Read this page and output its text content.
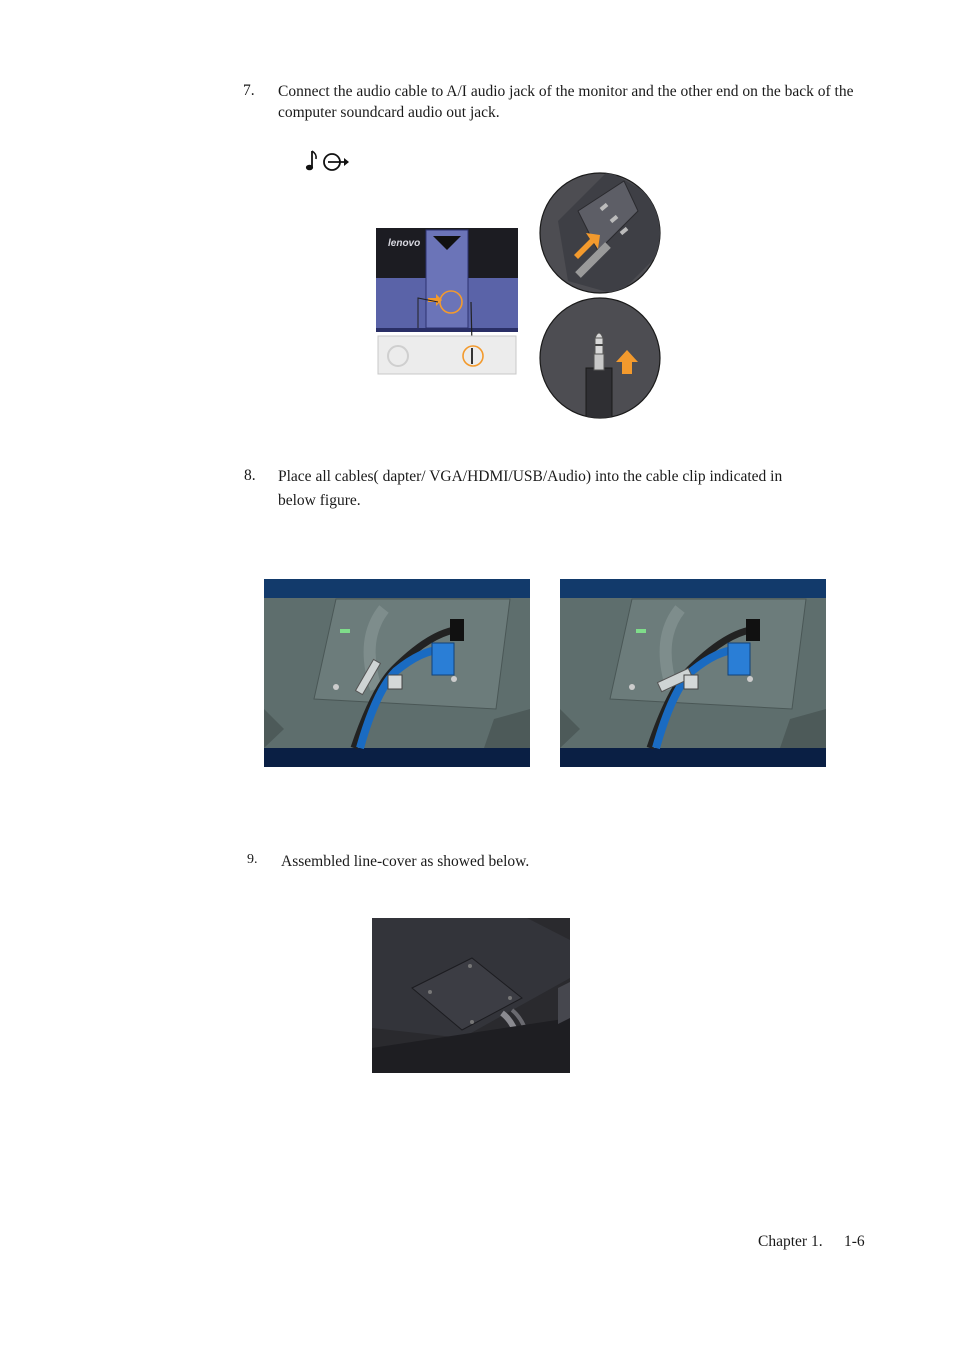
7. Connect the audio cable to A/I audio jack of the monitor and the other end on the back of the computer soundcard audio out jack.
lenovo
8. Place all cables( dapter/ VGA/HDMI/USB/Audio) into the cable clip indicated in
below figure.
9. Assembled line-cover as showed below.
Chapter 1. 1-6
